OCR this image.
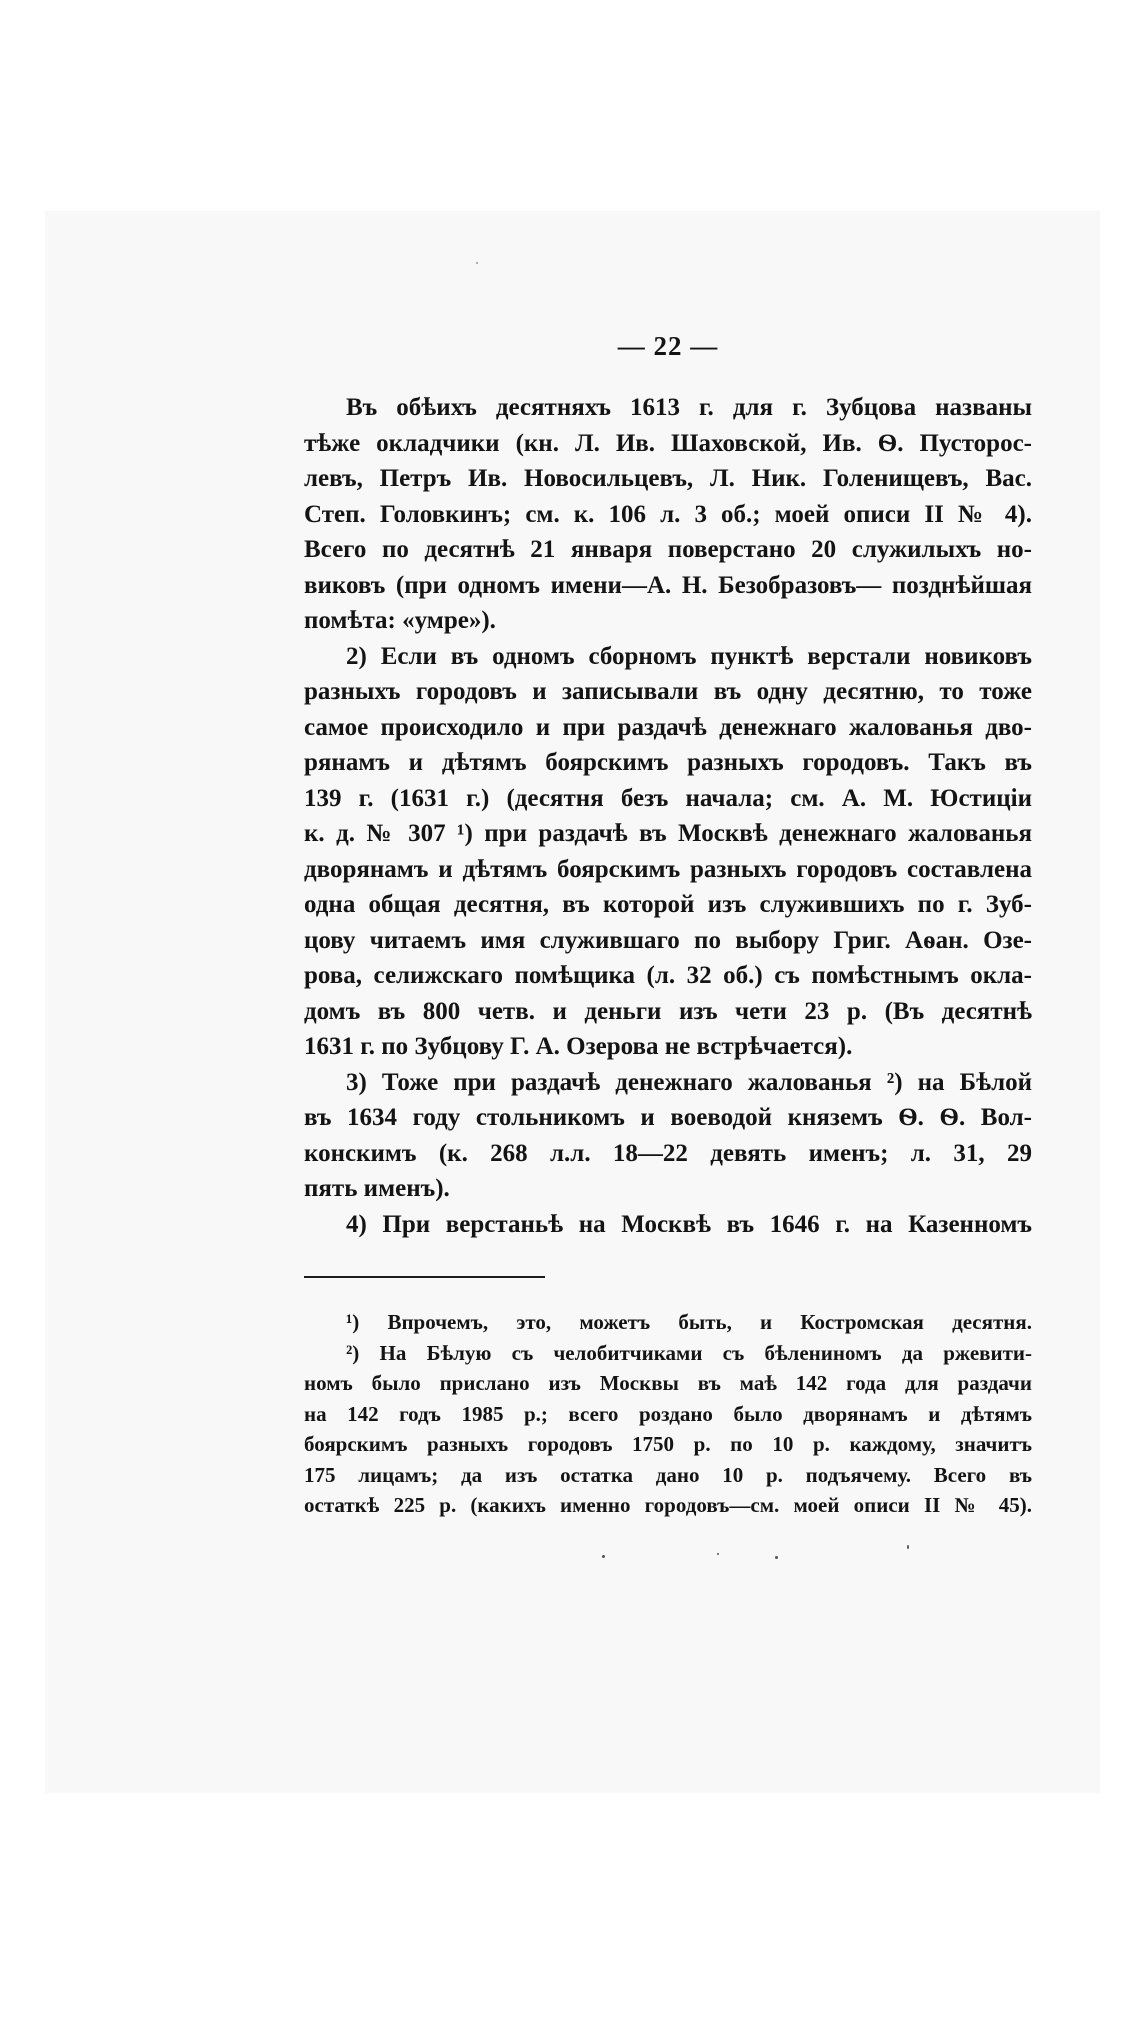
— 22 —
Въ обѣихъ десятняхъ 1613 г. для г. Зубцова названы
тѣже окладчики (кн. Л. Ив. Шаховской, Ив. Ѳ. Пусторос-
левъ, Петръ Ив. Новосильцевъ, Л. Ник. Голенищевъ, Вас.
Степ. Головкинъ; см. к. 106 л. 3 об.; моей описи II № 4).
Всего по десятнѣ 21 января поверстано 20 служилыхъ но-
виковъ (при одномъ имени—А. Н. Безобразовъ— позднѣйшая
помѣта: «умре»).
2) Если въ одномъ сборномъ пунктѣ верстали новиковъ
разныхъ городовъ и записывали въ одну десятню, то тоже
самое происходило и при раздачѣ денежнаго жалованья дво-
рянамъ и дѣтямъ боярскимъ разныхъ городовъ. Такъ въ
139 г. (1631 г.) (десятня безъ начала; см. А. М. Юстиціи
к. д. № 307 ¹) при раздачѣ въ Москвѣ денежнаго жалованья
дворянамъ и дѣтямъ боярскимъ разныхъ городовъ составлена
одна общая десятня, въ которой изъ служившихъ по г. Зуб-
цову читаемъ имя служившаго по выбору Григ. Аѳан. Озе-
рова, селижскаго помѣщика (л. 32 об.) съ помѣстнымъ окла-
домъ въ 800 четв. и деньги изъ чети 23 р. (Въ десятнѣ
1631 г. по Зубцову Г. А. Озерова не встрѣчается).
3) Тоже при раздачѣ денежнаго жалованья ²) на Бѣлой
въ 1634 году стольникомъ и воеводой княземъ Ѳ. Ѳ. Вол-
конскимъ (к. 268 л.л. 18—22 девять именъ; л. 31, 29
пять именъ).
4) При верстаньѣ на Москвѣ въ 1646 г. на Казенномъ
¹) Впрочемъ, это, можетъ быть, и Костромская десятня.
²) На Бѣлую съ челобитчиками съ бѣлениномъ да ржевити-
номъ было прислано изъ Москвы въ маѣ 142 года для раздачи
на 142 годъ 1985 р.; всего роздано было дворянамъ и дѣтямъ
боярскимъ разныхъ городовъ 1750 р. по 10 р. каждому, значитъ
175 лицамъ; да изъ остатка дано 10 р. подъячему. Всего въ
остаткѣ 225 р. (какихъ именно городовъ—см. моей описи II № 45).
